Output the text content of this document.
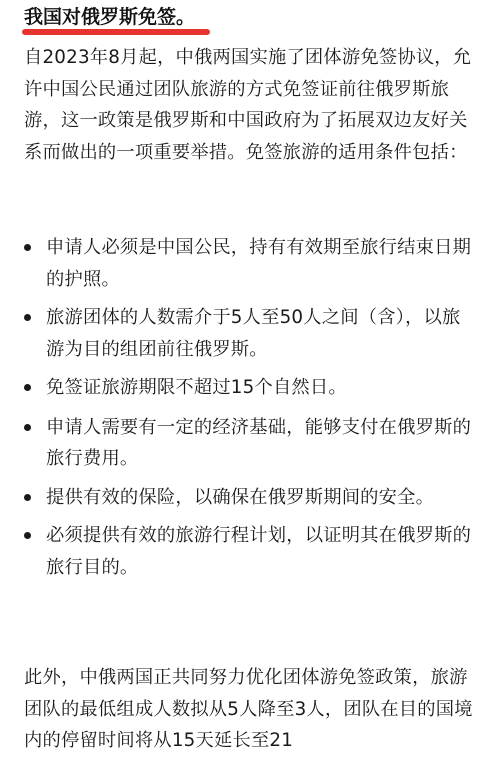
我国对俄罗斯免签。

自2023年8月起，中俄两国实施了团体游免签协议，允许中国公民通过团队旅游的方式免签证前往俄罗斯旅游，这一政策是俄罗斯和中国政府为了拓展双边友好关系而做出的一项重要举措。免签旅游的适用条件包括：

申请人必须是中国公民，持有有效期至旅行结束日期的护照。
旅游团体的人数需介于5人至50人之间（含），以旅游为目的组团前往俄罗斯。
免签证旅游期限不超过15个自然日。
申请人需要有一定的经济基础，能够支付在俄罗斯的旅行费用。
提供有效的保险，以确保在俄罗斯期间的安全。
必须提供有效的旅游行程计划，以证明其在俄罗斯的旅行目的。

此外，中俄两国正共同努力优化团体游免签政策，旅游团队的最低组成人数拟从5人降至3人，团队在目的国境内的停留时间将从15天延长至21
